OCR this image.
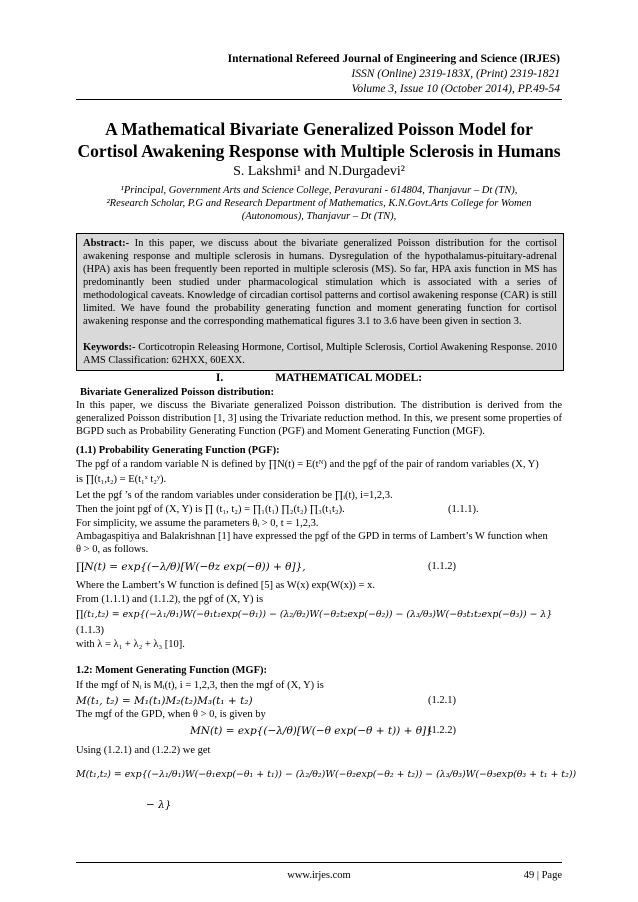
International Refereed Journal of Engineering and Science (IRJES)
ISSN (Online) 2319-183X, (Print) 2319-1821
Volume 3, Issue 10 (October 2014), PP.49-54
A Mathematical Bivariate Generalized Poisson Model for Cortisol Awakening Response with Multiple Sclerosis in Humans
S. Lakshmi¹ and N.Durgadevi²
¹Principal, Government Arts and Science College, Peravurani - 614804, Thanjavur – Dt (TN),
²Research Scholar, P.G and Research Department of Mathematics, K.N.Govt.Arts College for Women (Autonomous), Thanjavur – Dt (TN),

Abstract:- In this paper, we discuss about the bivariate generalized Poisson distribution for the cortisol awakening response and multiple sclerosis in humans. Dysregulation of the hypothalamus-pituitary-adrenal (HPA) axis has been frequently been reported in multiple sclerosis (MS). So far, HPA axis function in MS has predominantly been studied under pharmacological stimulation which is associated with a series of methodological caveats. Knowledge of circadian cortisol patterns and cortisol awakening response (CAR) is still limited. We have found the probability generating function and moment generating function for cortisol awakening response and the corresponding mathematical figures 3.1 to 3.6 have been given in section 3.

Keywords:- Corticotropin Releasing Hormone, Cortisol, Multiple Sclerosis, Cortiol Awakening Response. 2010 AMS Classification: 62HXX, 60EXX.

I.	MATHEMATICAL MODEL:
Bivariate Generalized Poisson distribution:
In this paper, we discuss the Bivariate generalized Poisson distribution. The distribution is derived from the generalized Poisson distribution [1, 3] using the Trivariate reduction method. In this, we present some properties of BGPD such as Probability Generating Function (PGF) and Moment Generating Function (MGF).
(1.1) Probability Generating Function (PGF):
The pgf of a random variable N is defined by ∏N(t) = E(tᴺ) and the pgf of the pair of random variables (X, Y)
is ∏(t₁,t₂) = E(t₁ˣ t₂ʸ).
Let the pgf ’s of the random variables under consideration be ∏ᵢ(t), i=1,2,3.
Then the joint pgf of (X, Y) is ∏ (t₁, t₂) = ∏₁(t₁) ∏₂(t₂) ∏₃(t₁t₂).	(1.1.1).
For simplicity, we assume the parameters θᵢ > 0, t = 1,2,3.
Ambagaspitiya and Balakrishnan [1] have expressed the pgf of the GPD in terms of Lambert’s W function when
θ > 0, as follows.
∏N(t) = exp{(−λ/θ)[W(−θz exp(−θ)) + θ]},	(1.1.2)
Where the Lambert’s W function is defined [5] as W(x) exp(W(x)) = x.
From (1.1.1) and (1.1.2), the pgf of (X, Y) is
∏(t₁,t₂) = exp{(−λ₁/θ₁)W(−θ₁t₁exp(−θ₁)) − (λ₂/θ₂)W(−θ₂t₂exp(−θ₂)) − (λ₃/θ₃)W(−θ₃t₁t₂exp(−θ₃)) − λ}
(1.1.3)
with λ = λ₁ + λ₂ + λ₃ [10].
1.2: Moment Generating Function (MGF):
If the mgf of Nᵢ is Mᵢ(t), i = 1,2,3, then the mgf of (X, Y) is
M(t₁, t₂) = M₁(t₁)M₂(t₂)M₃(t₁ + t₂)	(1.2.1)
The mgf of the GPD, when θ > 0, is given by
MN(t) = exp{(−λ/θ)[W(−θ exp(−θ + t)) + θ]}
(1.2.2)
Using (1.2.1) and (1.2.2) we get
M(t₁,t₂) = exp{(−λ₁/θ₁)W(−θ₁exp(−θ₁ + t₁)) − (λ₂/θ₂)W(−θ₂exp(−θ₂ + t₂)) − (λ₃/θ₃)W(−θ₃exp(θ₃ + t₁ + t₂))
− λ}
www.irjes.com	49 | Page
